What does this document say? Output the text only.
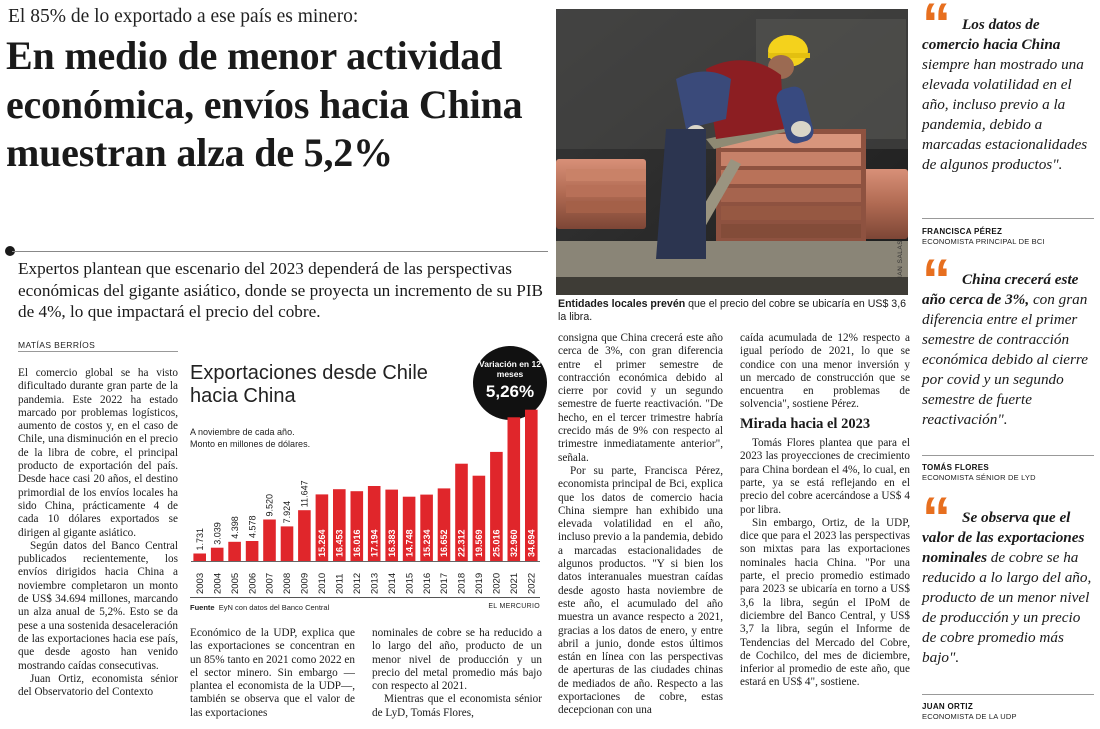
El 85% de lo exportado a ese país es minero:
En medio de menor actividad económica, envíos hacia China muestran alza de 5,2%
Expertos plantean que escenario del 2023 dependerá de las perspectivas económicas del gigante asiático, donde se proyecta un incremento de su PIB de 4%, lo que impactará el precio del cobre.
MATÍAS BERRÍOS

El comercio global se ha visto dificultado durante gran parte de la pandemia. Este 2022 ha estado marcado por problemas logísticos, aumento de costos y, en el caso de Chile, una disminución en el precio de la libra de cobre, el principal producto de exportación del país. Desde hace casi 20 años, el destino primordial de los envíos locales ha sido China, prácticamente 4 de cada 10 dólares exportados se dirigen al gigante asiático.

Según datos del Banco Central publicados recientemente, los envíos dirigidos hacia China a noviembre completaron un monto de US$ 34.694 millones, marcando un alza anual de 5,2%. Esto se da pese a una sostenida desaceleración de las exportaciones hacia ese país, que desde agosto han venido mostrando caídas consecutivas.

Juan Ortiz, economista sénior del Observatorio del Contexto

Exportaciones desde Chile hacia China
A noviembre de cada año.
Monto en millones de dólares.
Variación en 12 meses
5,26%
1.731
2003
3.039
2004
4.398
2005
4.578
2006
9.520
2007
7.924
2008
11.647
2009
15.264
2010
16.453
2011
16.016
2012
17.194
2013
16.383
2014
14.748
2015
15.234
2016
16.652
2017
22.312
2018
19.569
2019
25.016
2020
32.960
2021
34.694
2022
Fuente EyN con datos del Banco Central	EL MERCURIO

Económico de la UDP, explica que las exportaciones se concentran en un 85% tanto en 2021 como 2022 en el sector minero. Sin embargo —plantea el economista de la UDP—, también se observa que el valor de las exportaciones

nominales de cobre se ha reducido a lo largo del año, producto de un menor nivel de producción y un precio del metal promedio más bajo con respecto al 2021.

Mientras que el economista sénior de LyD, Tomás Flores,

IAN SALAS
Entidades locales prevén que el precio del cobre se ubicaría en US$ 3,6 la libra.

consigna que China crecerá este año cerca de 3%, con gran diferencia entre el primer semestre de contracción económica debido al cierre por covid y un segundo semestre de fuerte reactivación. "De hecho, en el tercer trimestre habría crecido más de 9% con respecto al trimestre inmediatamente anterior", señala.

Por su parte, Francisca Pérez, economista principal de Bci, explica que los datos de comercio hacia China siempre han exhibido una elevada volatilidad en el año, incluso previo a la pandemia, debido a marcadas estacionalidades de algunos productos. "Y si bien los datos interanuales muestran caídas desde agosto hasta noviembre de este año, el acumulado del año muestra un avance respecto a 2021, gracias a los datos de enero, y entre abril a junio, donde estos últimos están en línea con las perspectivas de aperturas de las ciudades chinas de mediados de año. Respecto a las exportaciones de cobre, estas decepcionan con una

caída acumulada de 12% respecto a igual período de 2021, lo que se condice con una menor inversión y un mercado de construcción que se encuentra en problemas de solvencia", sostiene Pérez.

Mirada hacia el 2023

Tomás Flores plantea que para el 2023 las proyecciones de crecimiento para China bordean el 4%, lo cual, en parte, ya se está reflejando en el precio del cobre acercándose a US$ 4 por libra.

Sin embargo, Ortiz, de la UDP, dice que para el 2023 las perspectivas son mixtas para las exportaciones nominales hacia China. "Por una parte, el precio promedio estimado para 2023 se ubicaría en torno a US$ 3,6 la libra, según el IPoM de diciembre del Banco Central, y US$ 3,7 la libra, según el Informe de Tendencias del Mercado del Cobre, de Cochilco, del mes de diciembre, inferior al promedio de este año, que estará en US$ 4", sostiene.

“ Los datos de comercio hacia China siempre han mostrado una elevada volatilidad en el año, incluso previo a la pandemia, debido a marcadas estacionalidades de algunos productos".
FRANCISCA PÉREZ
ECONOMISTA PRINCIPAL DE BCI
“ China crecerá este año cerca de 3%, con gran diferencia entre el primer semestre de contracción económica debido al cierre por covid y un segundo semestre de fuerte reactivación".
TOMÁS FLORES
ECONOMISTA SÉNIOR DE LYD
“ Se observa que el valor de las exportaciones nominales de cobre se ha reducido a lo largo del año, producto de un menor nivel de producción y un precio de cobre promedio más bajo".
JUAN ORTIZ
ECONOMISTA DE LA UDP
